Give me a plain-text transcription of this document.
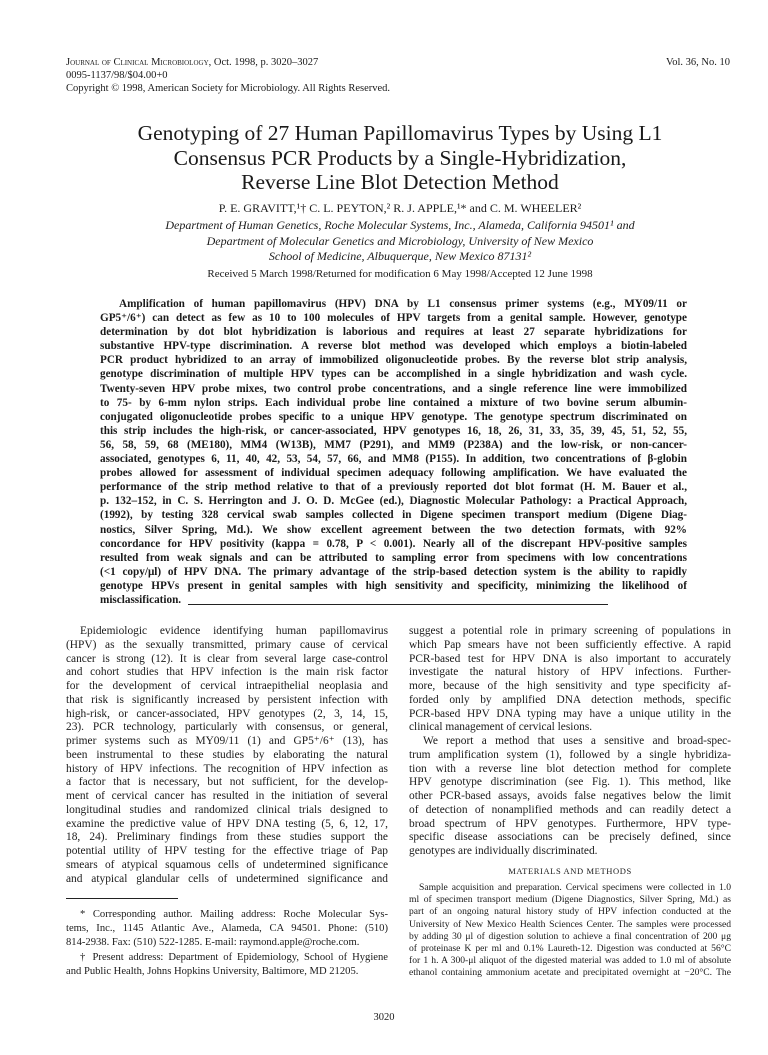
Journal of Clinical Microbiology, Oct. 1998, p. 3020–3027	Vol. 36, No. 10
0095-1137/98/$04.00+0
Copyright © 1998, American Society for Microbiology. All Rights Reserved.
Genotyping of 27 Human Papillomavirus Types by Using L1
Consensus PCR Products by a Single-Hybridization,
Reverse Line Blot Detection Method
P. E. GRAVITT,¹† C. L. PEYTON,² R. J. APPLE,¹* and C. M. WHEELER²
Department of Human Genetics, Roche Molecular Systems, Inc., Alameda, California 94501¹ and
Department of Molecular Genetics and Microbiology, University of New Mexico
School of Medicine, Albuquerque, New Mexico 87131²
Received 5 March 1998/Returned for modification 6 May 1998/Accepted 12 June 1998
Amplification of human papillomavirus (HPV) DNA by L1 consensus primer systems (e.g., MY09/11 or
GP5⁺/6⁺) can detect as few as 10 to 100 molecules of HPV targets from a genital sample. However, genotype
determination by dot blot hybridization is laborious and requires at least 27 separate hybridizations for
substantive HPV-type discrimination. A reverse blot method was developed which employs a biotin-labeled
PCR product hybridized to an array of immobilized oligonucleotide probes. By the reverse blot strip analysis,
genotype discrimination of multiple HPV types can be accomplished in a single hybridization and wash cycle.
Twenty-seven HPV probe mixes, two control probe concentrations, and a single reference line were immobilized
to 75- by 6-mm nylon strips. Each individual probe line contained a mixture of two bovine serum albumin-
conjugated oligonucleotide probes specific to a unique HPV genotype. The genotype spectrum discriminated on
this strip includes the high-risk, or cancer-associated, HPV genotypes 16, 18, 26, 31, 33, 35, 39, 45, 51, 52, 55,
56, 58, 59, 68 (ME180), MM4 (W13B), MM7 (P291), and MM9 (P238A) and the low-risk, or non-cancer-
associated, genotypes 6, 11, 40, 42, 53, 54, 57, 66, and MM8 (P155). In addition, two concentrations of β-globin
probes allowed for assessment of individual specimen adequacy following amplification. We have evaluated the
performance of the strip method relative to that of a previously reported dot blot format (H. M. Bauer et al.,
p. 132–152, in C. S. Herrington and J. O. D. McGee (ed.), Diagnostic Molecular Pathology: a Practical Approach,
(1992), by testing 328 cervical swab samples collected in Digene specimen transport medium (Digene Diag-
nostics, Silver Spring, Md.). We show excellent agreement between the two detection formats, with 92%
concordance for HPV positivity (kappa = 0.78, P < 0.001). Nearly all of the discrepant HPV-positive samples
resulted from weak signals and can be attributed to sampling error from specimens with low concentrations
(<1 copy/μl) of HPV DNA. The primary advantage of the strip-based detection system is the ability to rapidly
genotype HPVs present in genital samples with high sensitivity and specificity, minimizing the likelihood of
misclassification.
Epidemiologic evidence identifying human papillomavirus
(HPV) as the sexually transmitted, primary cause of cervical
cancer is strong (12). It is clear from several large case-control
and cohort studies that HPV infection is the main risk factor
for the development of cervical intraepithelial neoplasia and
that risk is significantly increased by persistent infection with
high-risk, or cancer-associated, HPV genotypes (2, 3, 14, 15,
23). PCR technology, particularly with consensus, or general,
primer systems such as MY09/11 (1) and GP5⁺/6⁺ (13), has
been instrumental to these studies by elaborating the natural
history of HPV infections. The recognition of HPV infection as
a factor that is necessary, but not sufficient, for the develop-
ment of cervical cancer has resulted in the initiation of several
longitudinal studies and randomized clinical trials designed to
examine the predictive value of HPV DNA testing (5, 6, 12, 17,
18, 24). Preliminary findings from these studies support the
potential utility of HPV testing for the effective triage of Pap
smears of atypical squamous cells of undetermined significance
and atypical glandular cells of undetermined significance and
* Corresponding author. Mailing address: Roche Molecular Sys-
tems, Inc., 1145 Atlantic Ave., Alameda, CA 94501. Phone: (510)
814-2938. Fax: (510) 522-1285. E-mail: raymond.apple@roche.com.
† Present address: Department of Epidemiology, School of Hygiene
and Public Health, Johns Hopkins University, Baltimore, MD 21205.
suggest a potential role in primary screening of populations in
which Pap smears have not been sufficiently effective. A rapid
PCR-based test for HPV DNA is also important to accurately
investigate the natural history of HPV infections. Further-
more, because of the high sensitivity and type specificity af-
forded only by amplified DNA detection methods, specific
PCR-based HPV DNA typing may have a unique utility in the
clinical management of cervical lesions.
We report a method that uses a sensitive and broad-spec-
trum amplification system (1), followed by a single hybridiza-
tion with a reverse line blot detection method for complete
HPV genotype discrimination (see Fig. 1). This method, like
other PCR-based assays, avoids false negatives below the limit
of detection of nonamplified methods and can readily detect a
broad spectrum of HPV genotypes. Furthermore, HPV type-
specific disease associations can be precisely defined, since
genotypes are individually discriminated.
MATERIALS AND METHODS
Sample acquisition and preparation. Cervical specimens were collected in 1.0
ml of specimen transport medium (Digene Diagnostics, Silver Spring, Md.) as
part of an ongoing natural history study of HPV infection conducted at the
University of New Mexico Health Sciences Center. The samples were processed
by adding 30 μl of digestion solution to achieve a final concentration of 200 μg
of proteinase K per ml and 0.1% Laureth-12. Digestion was conducted at 56°C
for 1 h. A 300-μl aliquot of the digested material was added to 1.0 ml of absolute
ethanol containing ammonium acetate and precipitated overnight at −20°C. The
3020
